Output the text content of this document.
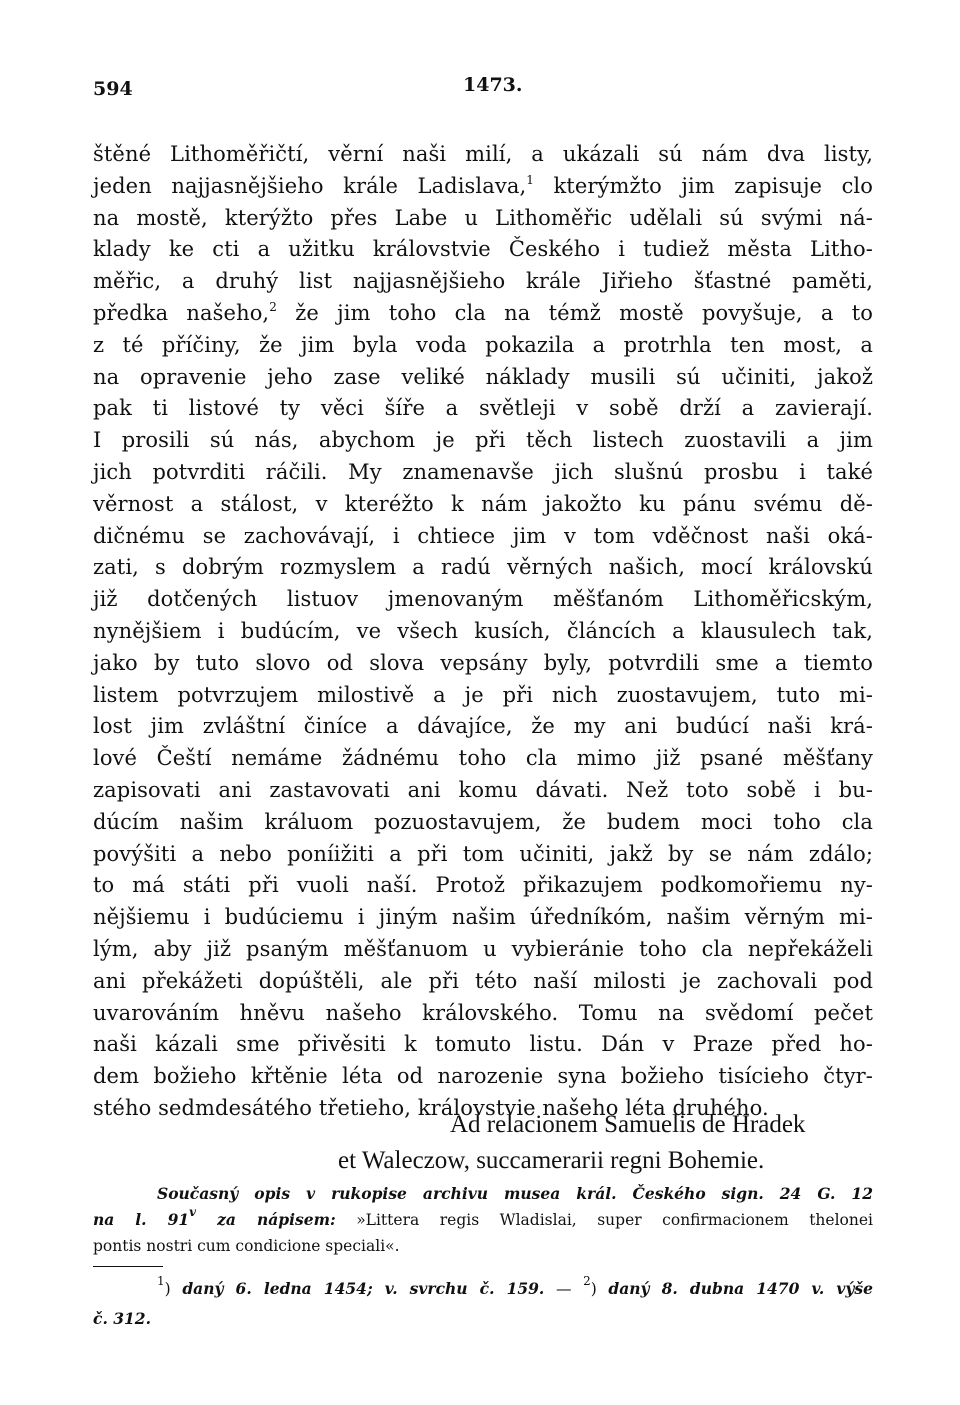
594	1473.
štěné Lithoměřičtí, věrní naši milí, a ukázali sú nám dva listy,
jeden najjasnějšieho krále Ladislava,$^1$ kterýmžto jim zapisuje clo
na mostě, kterýžto přes Labe u Lithoměřic udělali sú svými ná-
klady ke cti a užitku královstvie Českého i tudiež města Litho-
měřic, a druhý list najjasnějšieho krále Jiřieho šťastné paměti,
předka našeho,$^2$ že jim toho cla na témž mostě povyšuje, a to
z té příčiny, že jim byla voda pokazila a protrhla ten most, a
na opravenie jeho zase veliké náklady musili sú učiniti, jakož
pak ti listové ty věci šíře a světleji v sobě drží a zavierají.
I prosili sú nás, abychom je při těch listech zuostavili a jim
jich potvrditi ráčili. My znamenavše jich slušnú prosbu i také
věrnost a stálost, v kteréžto k nám jakožto ku pánu svému dě-
dičnému se zachovávají, i chtiece jim v tom vděčnost naši oká-
zati, s dobrým rozmyslem a radú věrných našich, mocí královskú
již dotčených listuov jmenovaným měšťanóm Lithoměřicským,
nynějšiem i budúcím, ve všech kusích, článcích a klausulech tak,
jako by tuto slovo od slova vepsány byly, potvrdili sme a tiemto
listem potvrzujem milostivě a je při nich zuostavujem, tuto mi-
lost jim zvláštní činíce a dávajíce, že my ani budúcí naši krá-
lové Čeští nemáme žádnému toho cla mimo již psané měšťany
zapisovati ani zastavovati ani komu dávati. Než toto sobě i bu-
dúcím našim králuom pozuostavujem, že budem moci toho cla
povýšiti a nebo poníižiti a při tom učiniti, jakž by se nám zdálo;
to má státi při vuoli naší. Protož přikazujem podkomořiemu ny-
nějšiemu i budúciemu i jiným našim úředníkóm, našim věrným mi-
lým, aby již psaným měšťanuom u vybieránie toho cla nepřekáželi
ani překážeti dopúštěli, ale při této naší milosti je zachovali pod
uvarováním hněvu našeho královského. Tomu na svědomí pečet
naši kázali sme přivěsiti k tomuto listu. Dán v Praze před ho-
dem božieho křtěnie léta od narozenie syna božieho tisícieho čtyr-
stého sedmdesátého třetieho, královstvie našeho léta druhého.
Ad relacionem Samuelis de Hradek
et Waleczow, succamerarii regni Bohemie.
Současný opis v rukopise archivu musea král. Českého sign. 24 G. 12
na l. 91$^v$ za nápisem: »Littera regis Wladislai, super confirmacionem thelonei
pontis nostri cum condicione speciali«.
$^1$) daný 6. ledna 1454; v. svrchu č. 159. — $^2$) daný 8. dubna 1470 v. výše
č. 312.
